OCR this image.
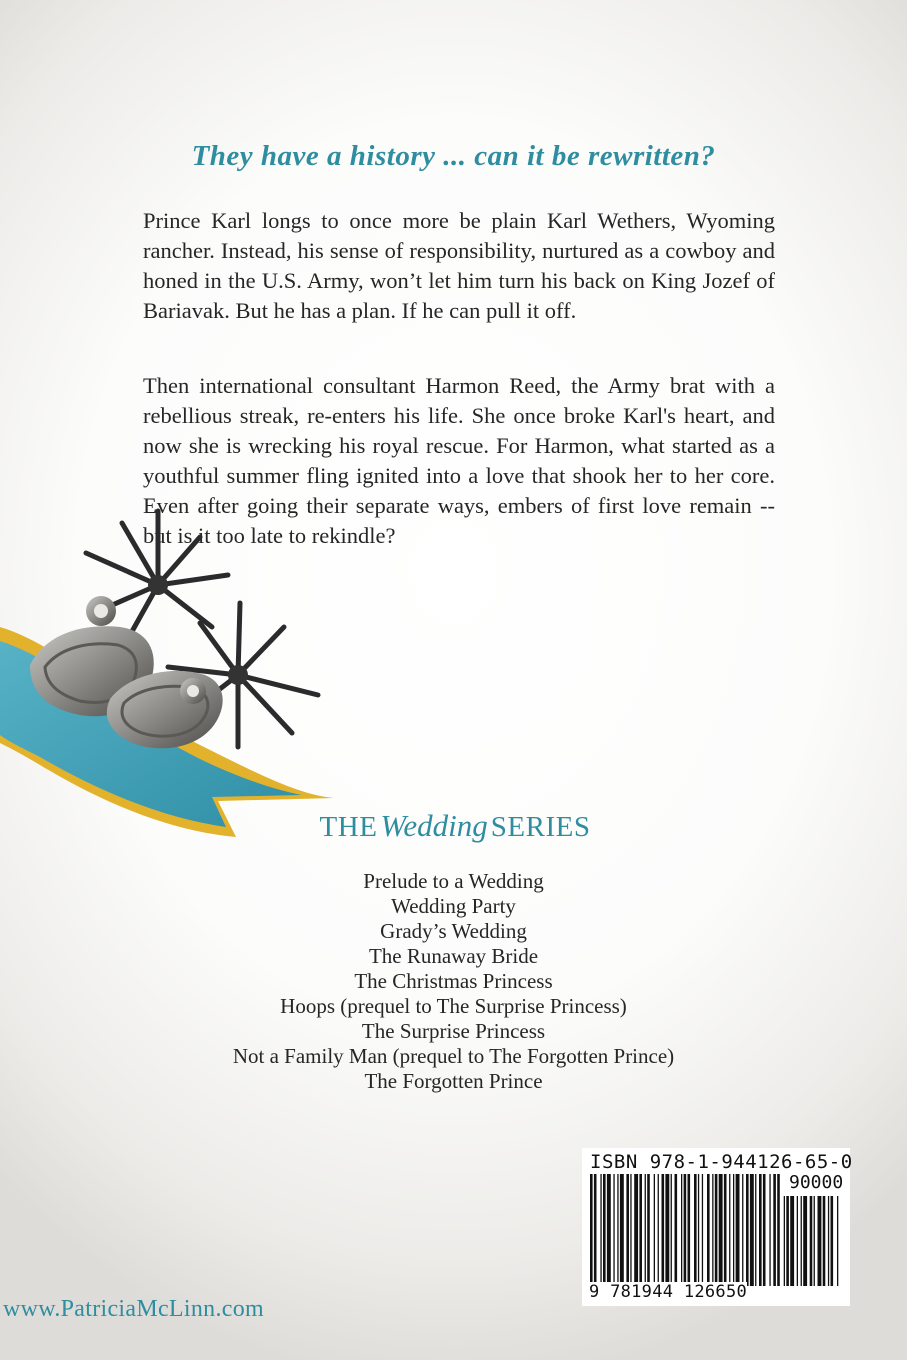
They have a history ... can it be rewritten?

Prince Karl longs to once more be plain Karl Wethers, Wyoming rancher. Instead, his sense of responsibility, nurtured as a cowboy and honed in the U.S. Army, won’t let him turn his back on King Jozef of Bariavak. But he has a plan. If he can pull it off.

Then international consultant Harmon Reed, the Army brat with a rebellious streak, re-enters his life. She once broke Karl's heart, and now she is wrecking his royal rescue. For Harmon, what started as a youthful summer fling ignited into a love that shook her to her core. Even after going their separate ways, embers of first love remain -- but is it too late to rekindle?

THEWedding SERIES
Prelude to a Wedding
Wedding Party
Grady’s Wedding
The Runaway Bride
The Christmas Princess
Hoops (prequel to The Surprise Princess)
The Surprise Princess
Not a Family Man (prequel to The Forgotten Prince)
The Forgotten Prince
ISBN 978-1-944126-65-0
90000
9 781944 126650
www.PatriciaMcLinn.com
